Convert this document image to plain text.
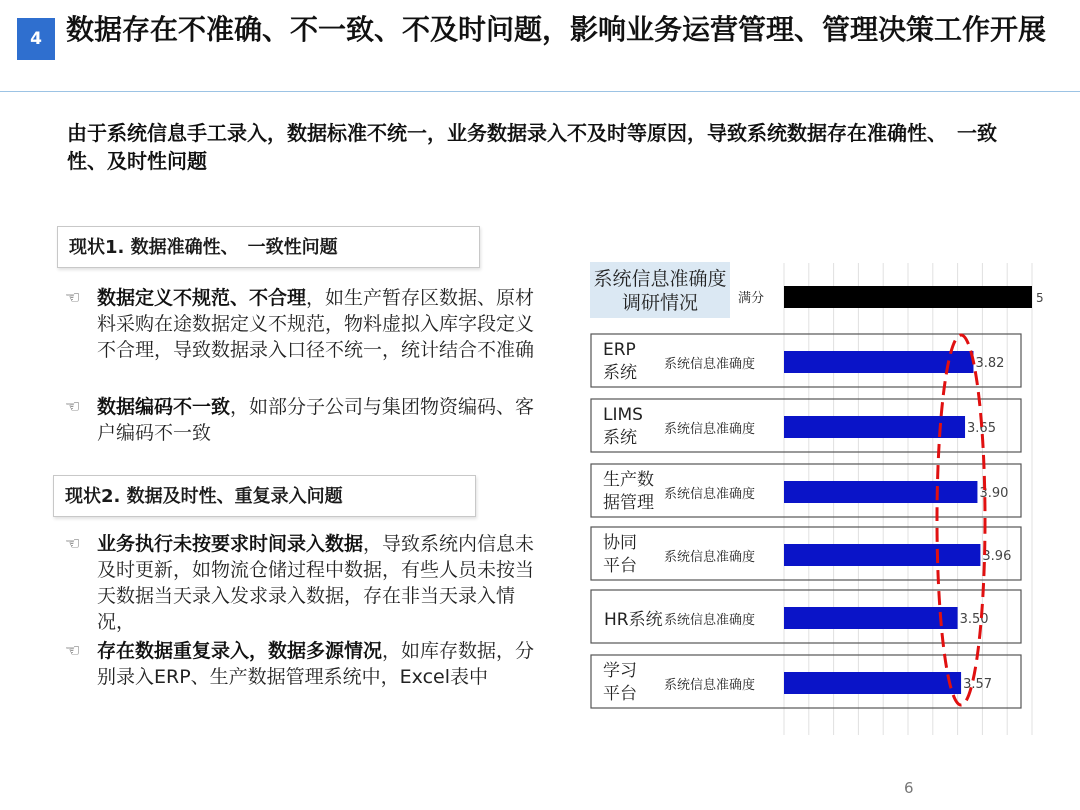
4 数据存在不准确、不一致、不及时问题，影响业务运营管理、管理决策工作开展
由于系统信息手工录入，数据标准不统一，业务数据录入不及时等原因，导致系统数据存在准确性、　一致性、及时性问题
现状1. 数据准确性、　一致性问题
☜ 数据定义不规范、不合理，如生产暂存区数据、原材料采购在途数据定义不规范，物料虚拟入库字段定义不合理，导致数据录入口径不统一，统计结合不准确
☜ 数据编码不一致，如部分子公司与集团物资编码、客户编码不一致
现状2. 数据及时性、重复录入问题
☜ 业务执行未按要求时间录入数据，导致系统内信息未及时更新，如物流仓储过程中数据，有些人员未按当天数据当天录入发求录入数据，存在非当天录入情况，
☜ 存在数据重复录入，数据多源情况，如库存数据，分别录入ERP、生产数据管理系统中，Excel表中
满分	5
ERP
系统 系统信息准确度	3.82
LIMS
系统 系统信息准确度	3.65
生产数
据管理 系统信息准确度	3.90
协同
平台 系统信息准确度	3.96
HR系统 系统信息准确度	3.50
学习
平台 系统信息准确度	3.57
系统信息准确度调研情况
6
